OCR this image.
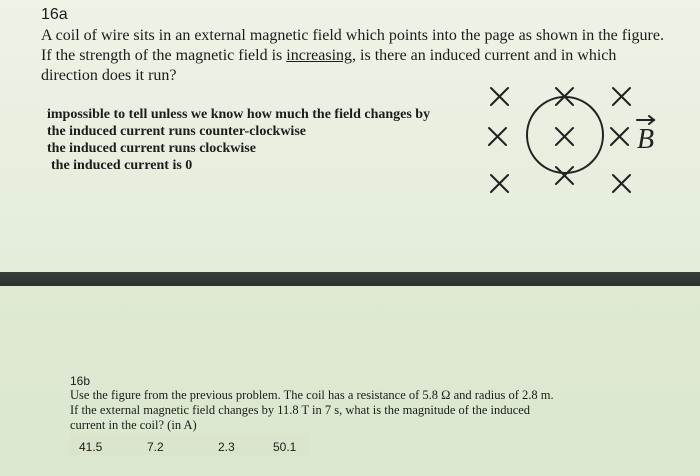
16a
A coil of wire sits in an external magnetic field which points into the page as shown in the figure.
If the strength of the magnetic field is increasing, is there an induced current and in which
direction does it run?
impossible to tell unless we know how much the field changes by
the induced current runs counter-clockwise
the induced current runs clockwise
the induced current is 0
B
16b
Use the figure from the previous problem. The coil has a resistance of 5.8 Ω and radius of 2.8 m.
If the external magnetic field changes by 11.8 T in 7 s, what is the magnitude of the induced
current in the coil? (in A)
41.5	7.2	2.3	50.1
